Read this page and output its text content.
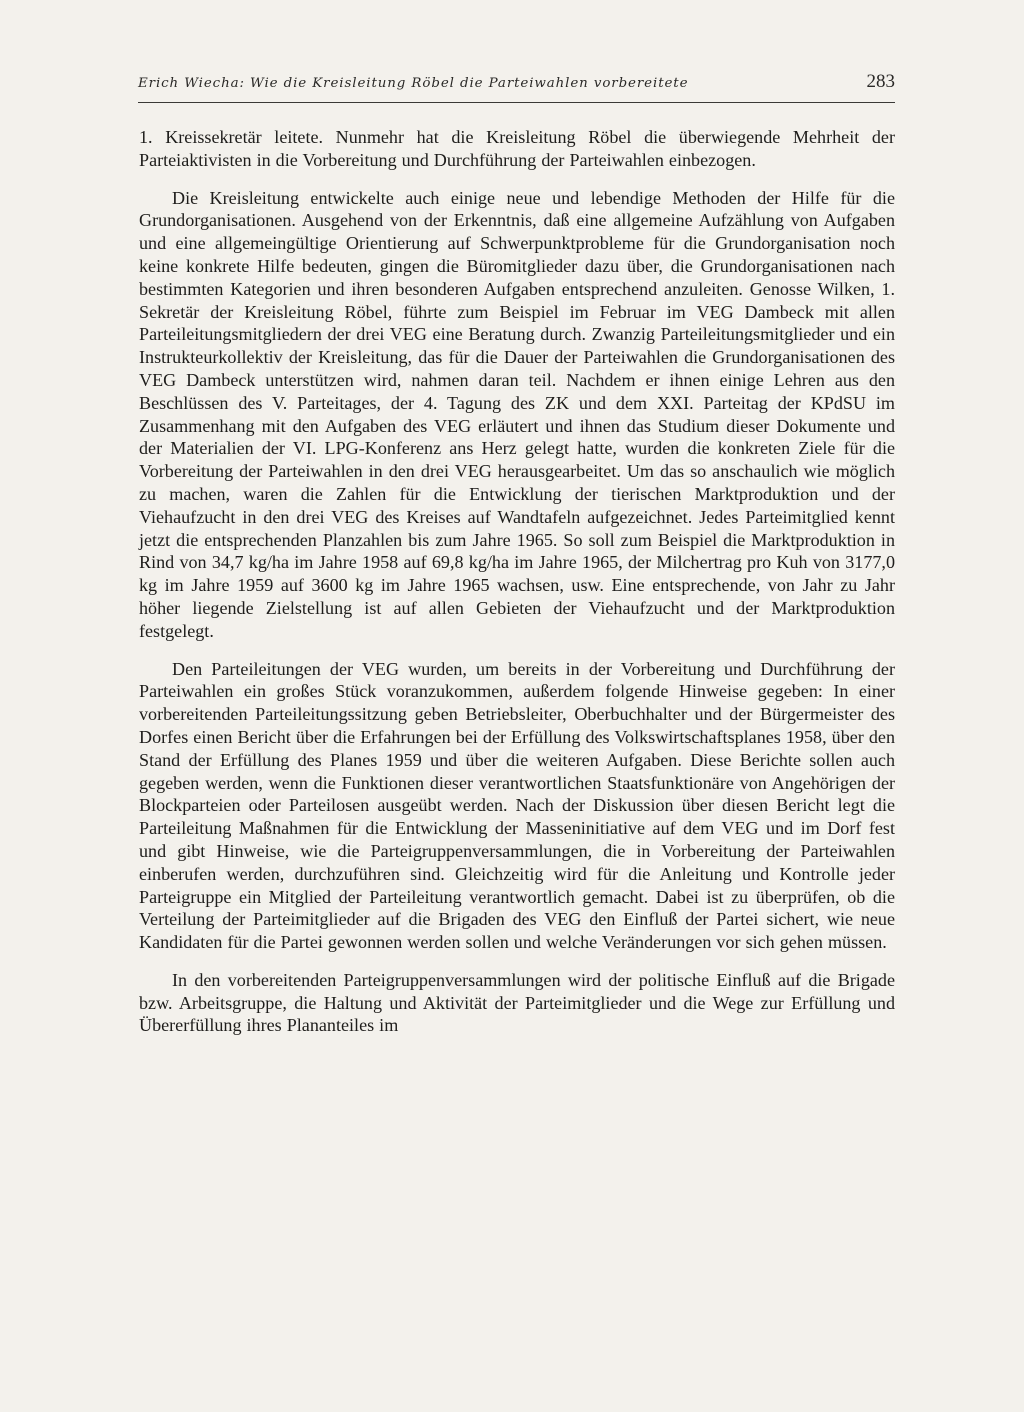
Erich Wiecha: Wie die Kreisleitung Röbel die Parteiwahlen vorbereitete	283

1. Kreissekretär leitete. Nunmehr hat die Kreisleitung Röbel die überwiegende Mehrheit der Parteiaktivisten in die Vorbereitung und Durchführung der Parteiwahlen einbezogen.

Die Kreisleitung entwickelte auch einige neue und lebendige Methoden der Hilfe für die Grundorganisationen. Ausgehend von der Erkenntnis, daß eine allgemeine Aufzählung von Aufgaben und eine allgemeingültige Orientierung auf Schwerpunktprobleme für die Grundorganisation noch keine konkrete Hilfe bedeuten, gingen die Büromitglieder dazu über, die Grundorganisationen nach bestimmten Kategorien und ihren besonderen Aufgaben entsprechend anzuleiten. Genosse Wilken, 1. Sekretär der Kreisleitung Röbel, führte zum Beispiel im Februar im VEG Dambeck mit allen Parteileitungsmitgliedern der drei VEG eine Beratung durch. Zwanzig Parteileitungsmitglieder und ein Instrukteurkollektiv der Kreisleitung, das für die Dauer der Parteiwahlen die Grundorganisationen des VEG Dambeck unterstützen wird, nahmen daran teil. Nachdem er ihnen einige Lehren aus den Beschlüssen des V. Parteitages, der 4. Tagung des ZK und dem XXI. Parteitag der KPdSU im Zusammenhang mit den Aufgaben des VEG erläutert und ihnen das Studium dieser Dokumente und der Materialien der VI. LPG-Konferenz ans Herz gelegt hatte, wurden die konkreten Ziele für die Vorbereitung der Parteiwahlen in den drei VEG herausgearbeitet. Um das so anschaulich wie möglich zu machen, waren die Zahlen für die Entwicklung der tierischen Marktproduktion und der Viehaufzucht in den drei VEG des Kreises auf Wandtafeln aufgezeichnet. Jedes Parteimitglied kennt jetzt die entsprechenden Planzahlen bis zum Jahre 1965. So soll zum Beispiel die Marktproduktion in Rind von 34,7 kg/ha im Jahre 1958 auf 69,8 kg/ha im Jahre 1965, der Milchertrag pro Kuh von 3177,0 kg im Jahre 1959 auf 3600 kg im Jahre 1965 wachsen, usw. Eine entsprechende, von Jahr zu Jahr höher liegende Zielstellung ist auf allen Gebieten der Viehaufzucht und der Marktproduktion festgelegt.

Den Parteileitungen der VEG wurden, um bereits in der Vorbereitung und Durchführung der Parteiwahlen ein großes Stück voranzukommen, außerdem folgende Hinweise gegeben: In einer vorbereitenden Parteileitungssitzung geben Betriebsleiter, Oberbuchhalter und der Bürgermeister des Dorfes einen Bericht über die Erfahrungen bei der Erfüllung des Volkswirtschaftsplanes 1958, über den Stand der Erfüllung des Planes 1959 und über die weiteren Aufgaben. Diese Berichte sollen auch gegeben werden, wenn die Funktionen dieser verantwortlichen Staatsfunktionäre von Angehörigen der Blockparteien oder Parteilosen ausgeübt werden. Nach der Diskussion über diesen Bericht legt die Parteileitung Maßnahmen für die Entwicklung der Masseninitiative auf dem VEG und im Dorf fest und gibt Hinweise, wie die Parteigruppenversammlungen, die in Vorbereitung der Parteiwahlen einberufen werden, durchzuführen sind. Gleichzeitig wird für die Anleitung und Kontrolle jeder Parteigruppe ein Mitglied der Parteileitung verantwortlich gemacht. Dabei ist zu überprüfen, ob die Verteilung der Parteimitglieder auf die Brigaden des VEG den Einfluß der Partei sichert, wie neue Kandidaten für die Partei gewonnen werden sollen und welche Veränderungen vor sich gehen müssen.

In den vorbereitenden Parteigruppenversammlungen wird der politische Einfluß auf die Brigade bzw. Arbeitsgruppe, die Haltung und Aktivität der Parteimitglieder und die Wege zur Erfüllung und Übererfüllung ihres Plananteiles im
